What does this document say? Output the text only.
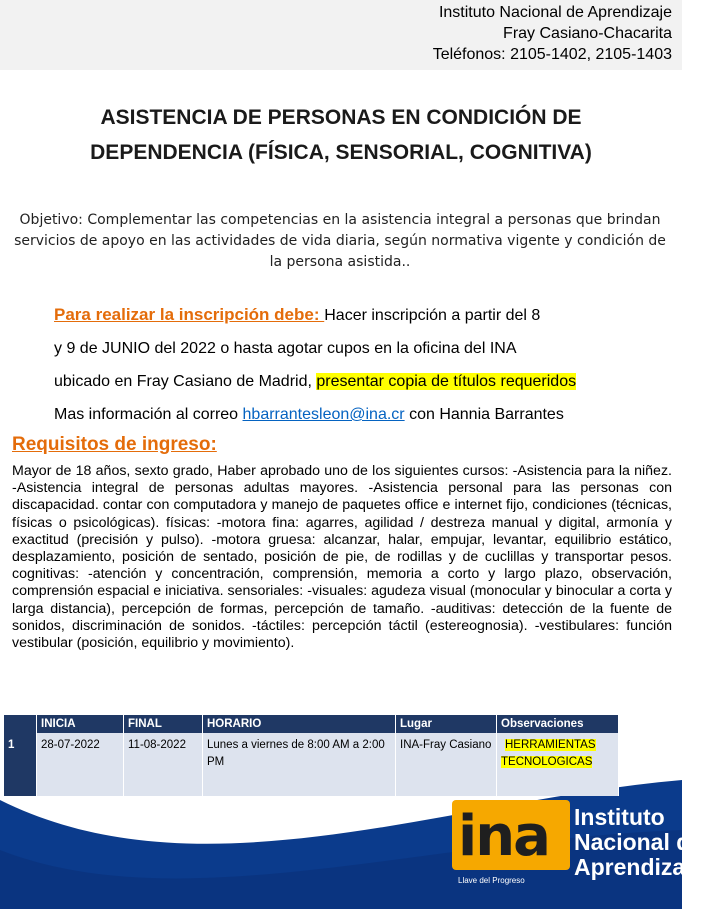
Instituto Nacional de Aprendizaje
Fray Casiano-Chacarita
Teléfonos: 2105-1402, 2105-1403
ASISTENCIA DE PERSONAS EN CONDICIÓN DE
DEPENDENCIA (FÍSICA, SENSORIAL, COGNITIVA)
Objetivo: Complementar las competencias en la asistencia integral a personas que brindan servicios de apoyo en las actividades de vida diaria, según normativa vigente y condición de la persona asistida..
Para realizar la inscripción debe: Hacer inscripción a partir del 8
y 9 de JUNIO del 2022 o hasta agotar cupos en la oficina del INA
ubicado en Fray Casiano de Madrid, presentar copia de títulos requeridos
Mas información al correo hbarrantesleon@ina.cr con Hannia Barrantes
Requisitos de ingreso:
Mayor de 18 años, sexto grado, Haber aprobado uno de los siguientes cursos: -Asistencia para la niñez. -Asistencia integral de personas adultas mayores. -Asistencia personal para las personas con discapacidad. contar con computadora y manejo de paquetes office e internet fijo, condiciones (técnicas, físicas o psicológicas). físicas: -motora fina: agarres, agilidad / destreza manual y digital, armonía y exactitud (precisión y pulso). -motora gruesa: alcanzar, halar, empujar, levantar, equilibrio estático, desplazamiento, posición de sentado, posición de pie, de rodillas y de cuclillas y transportar pesos. cognitivas: -atención y concentración, comprensión, memoria a corto y largo plazo, observación, comprensión espacial e iniciativa. sensoriales: -visuales: agudeza visual (monocular y binocular a corta y larga distancia), percepción de formas, percepción de tamaño. -auditivas: detección de la fuente de sonidos, discriminación de sonidos. -táctiles: percepción táctil (estereognosia). -vestibulares: función vestibular (posición, equilibrio y movimiento).
	INICIA	FINAL	HORARIO	Lugar	Observaciones
1	28-07-2022	11-08-2022	Lunes a viernes de 8:00 AM a 2:00 PM	INA-Fray Casiano	HERRAMIENTAS
TECNOLOGICAS
ina
Llave del Progreso
Instituto
Nacional de
Aprendizaje
